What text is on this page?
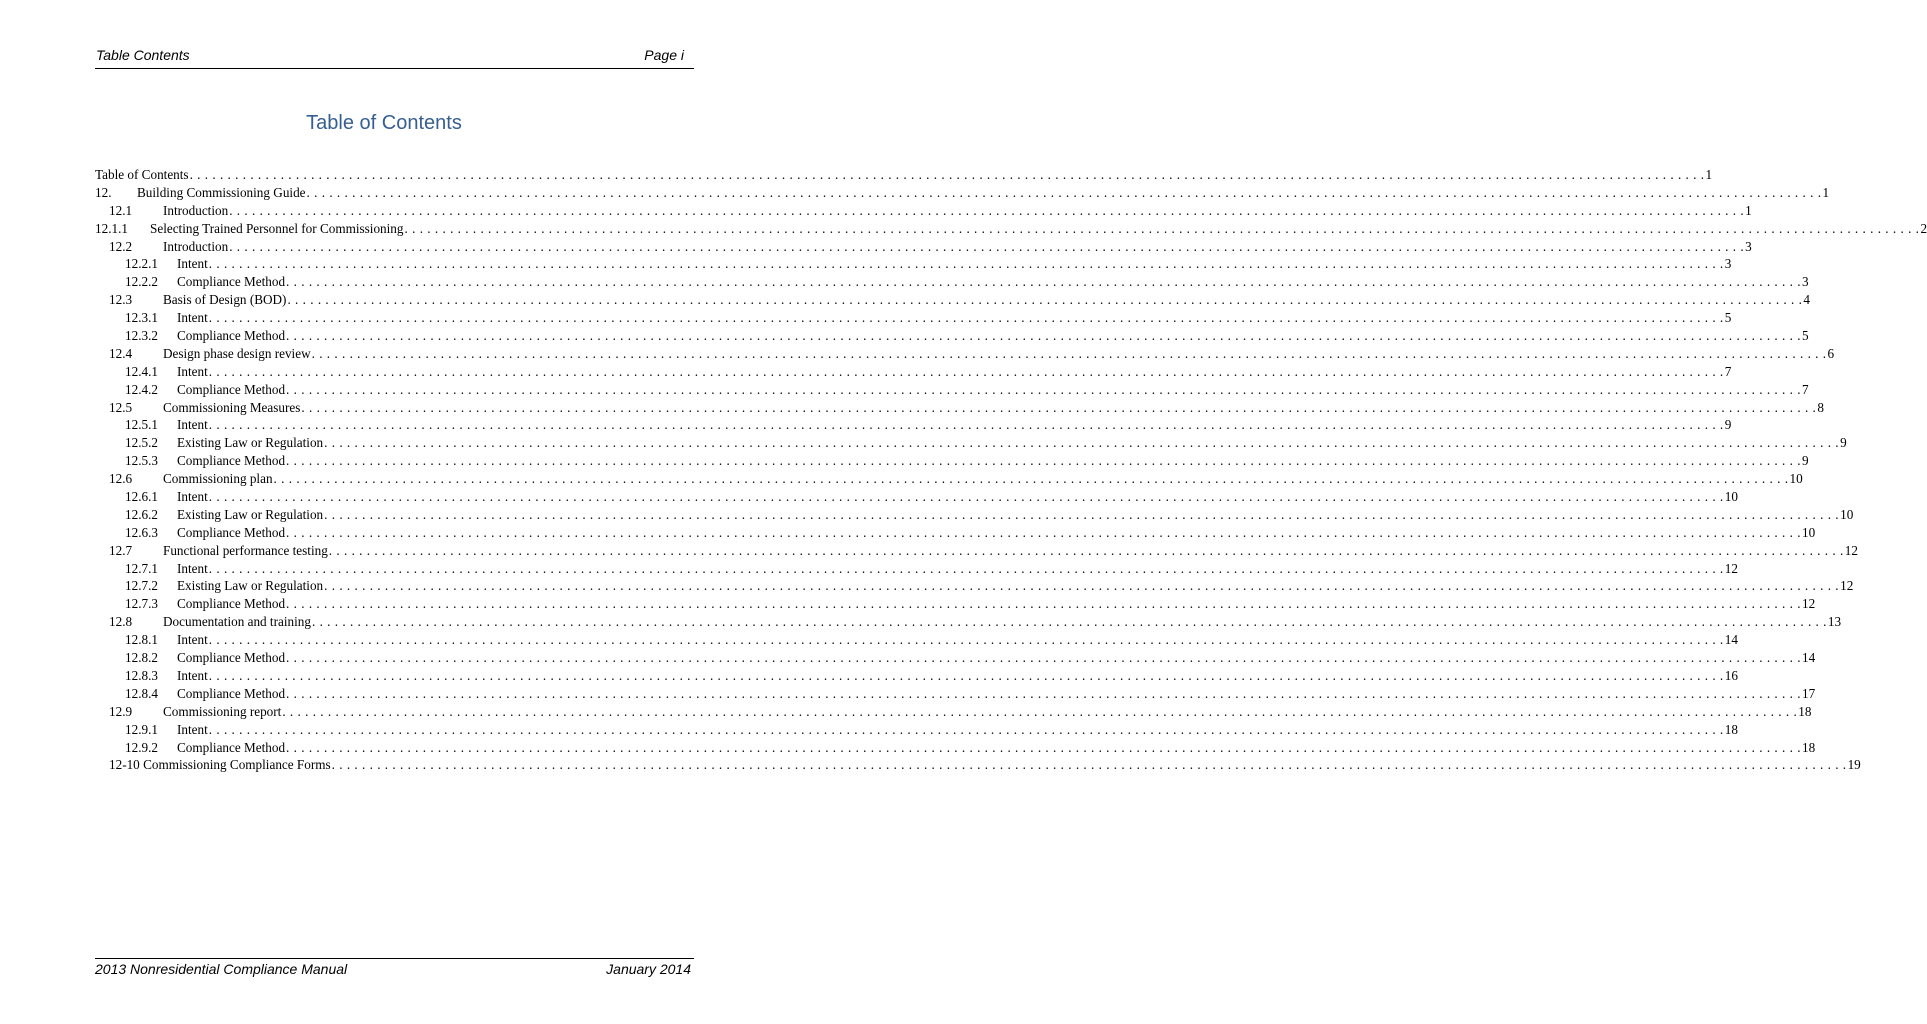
Table Contents	Page i
Table of Contents
Table of Contents . . . . . . . . . . . . . . . . . . . . . . . . . . . . . . . . . . . . . . . . . . . . . . . . . . . . . . . . . . . . . . . . . . . . . . . . . . . . . . . . . . . . . . . . . . . . . . . . . . . . . . . . . . . . . . . . . . . . . . . . . . . . . . . . . . . . . . . . . . . . . . . . . . . . . . . . . . . . . . . . . . . . . . . . . . . . . . . . . . . . . . . . . . . . . . . . . . . . . . . . 1
12.	Building Commissioning Guide . . . . . . . . . . . . . . . . . . . . . . . . . . . . . . . . . . . . . . . . . . . . . . . . . . . . . . . . . . . . . . . . . . . . . . . . . . . . . . . . . . . . . . . . . . . . . . . . . . . . . . . . . . . . . . . . . . . . . . . . . . . . . . . . . . . . . . . . . . . . . . . . . . . . . . . . . . . . . . . . . . . . . . . . . . . . . . . . . . . . . . . . . . . . . . . . . . . . . . . . 1
12.1	Introduction . . . . . . . . . . . . . . . . . . . . . . . . . . . . . . . . . . . . . . . . . . . . . . . . . . . . . . . . . . . . . . . . . . . . . . . . . . . . . . . . . . . . . . . . . . . . . . . . . . . . . . . . . . . . . . . . . . . . . . . . . . . . . . . . . . . . . . . . . . . . . . . . . . . . . . . . . . . . . . . . . . . . . . . . . . . . . . . . . . . . . . . . . . . . . . . . . . . . . . . . 1
12.1.1	Selecting Trained Personnel for Commissioning . . . . . . . . . . . . . . . . . . . . . . . . . . . . . . . . . . . . . . . . . . . . . . . . . . . . . . . . . . . . . . . . . . . . . . . . . . . . . . . . . . . . . . . . . . . . . . . . . . . . . . . . . . . . . . . . . . . . . . . . . . . . . . . . . . . . . . . . . . . . . . . . . . . . . . . . . . . . . . . . . . . . . . . . . . . . . . . . . . . . . . . . . . . . . . . . . . . . . . . . 2
12.2	Introduction . . . . . . . . . . . . . . . . . . . . . . . . . . . . . . . . . . . . . . . . . . . . . . . . . . . . . . . . . . . . . . . . . . . . . . . . . . . . . . . . . . . . . . . . . . . . . . . . . . . . . . . . . . . . . . . . . . . . . . . . . . . . . . . . . . . . . . . . . . . . . . . . . . . . . . . . . . . . . . . . . . . . . . . . . . . . . . . . . . . . . . . . . . . . . . . . . . . . . . . . 3
12.2.1	Intent . . . . . . . . . . . . . . . . . . . . . . . . . . . . . . . . . . . . . . . . . . . . . . . . . . . . . . . . . . . . . . . . . . . . . . . . . . . . . . . . . . . . . . . . . . . . . . . . . . . . . . . . . . . . . . . . . . . . . . . . . . . . . . . . . . . . . . . . . . . . . . . . . . . . . . . . . . . . . . . . . . . . . . . . . . . . . . . . . . . . . . . . . . . . . . . . . . . . . . . . 3
12.2.2	Compliance Method . . . . . . . . . . . . . . . . . . . . . . . . . . . . . . . . . . . . . . . . . . . . . . . . . . . . . . . . . . . . . . . . . . . . . . . . . . . . . . . . . . . . . . . . . . . . . . . . . . . . . . . . . . . . . . . . . . . . . . . . . . . . . . . . . . . . . . . . . . . . . . . . . . . . . . . . . . . . . . . . . . . . . . . . . . . . . . . . . . . . . . . . . . . . . . . . . . . . . . . . 3
12.3	Basis of Design (BOD) . . . . . . . . . . . . . . . . . . . . . . . . . . . . . . . . . . . . . . . . . . . . . . . . . . . . . . . . . . . . . . . . . . . . . . . . . . . . . . . . . . . . . . . . . . . . . . . . . . . . . . . . . . . . . . . . . . . . . . . . . . . . . . . . . . . . . . . . . . . . . . . . . . . . . . . . . . . . . . . . . . . . . . . . . . . . . . . . . . . . . . . . . . . . . . . . . . . . . . . . 4
12.3.1	Intent . . . . . . . . . . . . . . . . . . . . . . . . . . . . . . . . . . . . . . . . . . . . . . . . . . . . . . . . . . . . . . . . . . . . . . . . . . . . . . . . . . . . . . . . . . . . . . . . . . . . . . . . . . . . . . . . . . . . . . . . . . . . . . . . . . . . . . . . . . . . . . . . . . . . . . . . . . . . . . . . . . . . . . . . . . . . . . . . . . . . . . . . . . . . . . . . . . . . . . . . 5
12.3.2	Compliance Method . . . . . . . . . . . . . . . . . . . . . . . . . . . . . . . . . . . . . . . . . . . . . . . . . . . . . . . . . . . . . . . . . . . . . . . . . . . . . . . . . . . . . . . . . . . . . . . . . . . . . . . . . . . . . . . . . . . . . . . . . . . . . . . . . . . . . . . . . . . . . . . . . . . . . . . . . . . . . . . . . . . . . . . . . . . . . . . . . . . . . . . . . . . . . . . . . . . . . . . . 5
12.4	Design phase design review . . . . . . . . . . . . . . . . . . . . . . . . . . . . . . . . . . . . . . . . . . . . . . . . . . . . . . . . . . . . . . . . . . . . . . . . . . . . . . . . . . . . . . . . . . . . . . . . . . . . . . . . . . . . . . . . . . . . . . . . . . . . . . . . . . . . . . . . . . . . . . . . . . . . . . . . . . . . . . . . . . . . . . . . . . . . . . . . . . . . . . . . . . . . . . . . . . . . . . . . 6
12.4.1	Intent . . . . . . . . . . . . . . . . . . . . . . . . . . . . . . . . . . . . . . . . . . . . . . . . . . . . . . . . . . . . . . . . . . . . . . . . . . . . . . . . . . . . . . . . . . . . . . . . . . . . . . . . . . . . . . . . . . . . . . . . . . . . . . . . . . . . . . . . . . . . . . . . . . . . . . . . . . . . . . . . . . . . . . . . . . . . . . . . . . . . . . . . . . . . . . . . . . . . . . . . 7
12.4.2	Compliance Method . . . . . . . . . . . . . . . . . . . . . . . . . . . . . . . . . . . . . . . . . . . . . . . . . . . . . . . . . . . . . . . . . . . . . . . . . . . . . . . . . . . . . . . . . . . . . . . . . . . . . . . . . . . . . . . . . . . . . . . . . . . . . . . . . . . . . . . . . . . . . . . . . . . . . . . . . . . . . . . . . . . . . . . . . . . . . . . . . . . . . . . . . . . . . . . . . . . . . . . . 7
12.5	Commissioning Measures . . . . . . . . . . . . . . . . . . . . . . . . . . . . . . . . . . . . . . . . . . . . . . . . . . . . . . . . . . . . . . . . . . . . . . . . . . . . . . . . . . . . . . . . . . . . . . . . . . . . . . . . . . . . . . . . . . . . . . . . . . . . . . . . . . . . . . . . . . . . . . . . . . . . . . . . . . . . . . . . . . . . . . . . . . . . . . . . . . . . . . . . . . . . . . . . . . . . . . . . 8
12.5.1	Intent . . . . . . . . . . . . . . . . . . . . . . . . . . . . . . . . . . . . . . . . . . . . . . . . . . . . . . . . . . . . . . . . . . . . . . . . . . . . . . . . . . . . . . . . . . . . . . . . . . . . . . . . . . . . . . . . . . . . . . . . . . . . . . . . . . . . . . . . . . . . . . . . . . . . . . . . . . . . . . . . . . . . . . . . . . . . . . . . . . . . . . . . . . . . . . . . . . . . . . . . 9
12.5.2	Existing Law or Regulation . . . . . . . . . . . . . . . . . . . . . . . . . . . . . . . . . . . . . . . . . . . . . . . . . . . . . . . . . . . . . . . . . . . . . . . . . . . . . . . . . . . . . . . . . . . . . . . . . . . . . . . . . . . . . . . . . . . . . . . . . . . . . . . . . . . . . . . . . . . . . . . . . . . . . . . . . . . . . . . . . . . . . . . . . . . . . . . . . . . . . . . . . . . . . . . . . . . . . . . . 9
12.5.3	Compliance Method . . . . . . . . . . . . . . . . . . . . . . . . . . . . . . . . . . . . . . . . . . . . . . . . . . . . . . . . . . . . . . . . . . . . . . . . . . . . . . . . . . . . . . . . . . . . . . . . . . . . . . . . . . . . . . . . . . . . . . . . . . . . . . . . . . . . . . . . . . . . . . . . . . . . . . . . . . . . . . . . . . . . . . . . . . . . . . . . . . . . . . . . . . . . . . . . . . . . . . . . 9
12.6	Commissioning plan . . . . . . . . . . . . . . . . . . . . . . . . . . . . . . . . . . . . . . . . . . . . . . . . . . . . . . . . . . . . . . . . . . . . . . . . . . . . . . . . . . . . . . . . . . . . . . . . . . . . . . . . . . . . . . . . . . . . . . . . . . . . . . . . . . . . . . . . . . . . . . . . . . . . . . . . . . . . . . . . . . . . . . . . . . . . . . . . . . . . . . . . . . . . . . . . . . . . . . . . 10
12.6.1	Intent . . . . . . . . . . . . . . . . . . . . . . . . . . . . . . . . . . . . . . . . . . . . . . . . . . . . . . . . . . . . . . . . . . . . . . . . . . . . . . . . . . . . . . . . . . . . . . . . . . . . . . . . . . . . . . . . . . . . . . . . . . . . . . . . . . . . . . . . . . . . . . . . . . . . . . . . . . . . . . . . . . . . . . . . . . . . . . . . . . . . . . . . . . . . . . . . . . . . . . . . 10
12.6.2	Existing Law or Regulation . . . . . . . . . . . . . . . . . . . . . . . . . . . . . . . . . . . . . . . . . . . . . . . . . . . . . . . . . . . . . . . . . . . . . . . . . . . . . . . . . . . . . . . . . . . . . . . . . . . . . . . . . . . . . . . . . . . . . . . . . . . . . . . . . . . . . . . . . . . . . . . . . . . . . . . . . . . . . . . . . . . . . . . . . . . . . . . . . . . . . . . . . . . . . . . . . . . . . . . . 10
12.6.3	Compliance Method . . . . . . . . . . . . . . . . . . . . . . . . . . . . . . . . . . . . . . . . . . . . . . . . . . . . . . . . . . . . . . . . . . . . . . . . . . . . . . . . . . . . . . . . . . . . . . . . . . . . . . . . . . . . . . . . . . . . . . . . . . . . . . . . . . . . . . . . . . . . . . . . . . . . . . . . . . . . . . . . . . . . . . . . . . . . . . . . . . . . . . . . . . . . . . . . . . . . . . . . 10
12.7	Functional performance testing . . . . . . . . . . . . . . . . . . . . . . . . . . . . . . . . . . . . . . . . . . . . . . . . . . . . . . . . . . . . . . . . . . . . . . . . . . . . . . . . . . . . . . . . . . . . . . . . . . . . . . . . . . . . . . . . . . . . . . . . . . . . . . . . . . . . . . . . . . . . . . . . . . . . . . . . . . . . . . . . . . . . . . . . . . . . . . . . . . . . . . . . . . . . . . . . . . . . . . . . 12
12.7.1	Intent . . . . . . . . . . . . . . . . . . . . . . . . . . . . . . . . . . . . . . . . . . . . . . . . . . . . . . . . . . . . . . . . . . . . . . . . . . . . . . . . . . . . . . . . . . . . . . . . . . . . . . . . . . . . . . . . . . . . . . . . . . . . . . . . . . . . . . . . . . . . . . . . . . . . . . . . . . . . . . . . . . . . . . . . . . . . . . . . . . . . . . . . . . . . . . . . . . . . . . . . 12
12.7.2	Existing Law or Regulation . . . . . . . . . . . . . . . . . . . . . . . . . . . . . . . . . . . . . . . . . . . . . . . . . . . . . . . . . . . . . . . . . . . . . . . . . . . . . . . . . . . . . . . . . . . . . . . . . . . . . . . . . . . . . . . . . . . . . . . . . . . . . . . . . . . . . . . . . . . . . . . . . . . . . . . . . . . . . . . . . . . . . . . . . . . . . . . . . . . . . . . . . . . . . . . . . . . . . . . . 12
12.7.3	Compliance Method . . . . . . . . . . . . . . . . . . . . . . . . . . . . . . . . . . . . . . . . . . . . . . . . . . . . . . . . . . . . . . . . . . . . . . . . . . . . . . . . . . . . . . . . . . . . . . . . . . . . . . . . . . . . . . . . . . . . . . . . . . . . . . . . . . . . . . . . . . . . . . . . . . . . . . . . . . . . . . . . . . . . . . . . . . . . . . . . . . . . . . . . . . . . . . . . . . . . . . . . 12
12.8	Documentation and training . . . . . . . . . . . . . . . . . . . . . . . . . . . . . . . . . . . . . . . . . . . . . . . . . . . . . . . . . . . . . . . . . . . . . . . . . . . . . . . . . . . . . . . . . . . . . . . . . . . . . . . . . . . . . . . . . . . . . . . . . . . . . . . . . . . . . . . . . . . . . . . . . . . . . . . . . . . . . . . . . . . . . . . . . . . . . . . . . . . . . . . . . . . . . . . . . . . . . . . . 13
12.8.1	Intent . . . . . . . . . . . . . . . . . . . . . . . . . . . . . . . . . . . . . . . . . . . . . . . . . . . . . . . . . . . . . . . . . . . . . . . . . . . . . . . . . . . . . . . . . . . . . . . . . . . . . . . . . . . . . . . . . . . . . . . . . . . . . . . . . . . . . . . . . . . . . . . . . . . . . . . . . . . . . . . . . . . . . . . . . . . . . . . . . . . . . . . . . . . . . . . . . . . . . . . . 14
12.8.2	Compliance Method . . . . . . . . . . . . . . . . . . . . . . . . . . . . . . . . . . . . . . . . . . . . . . . . . . . . . . . . . . . . . . . . . . . . . . . . . . . . . . . . . . . . . . . . . . . . . . . . . . . . . . . . . . . . . . . . . . . . . . . . . . . . . . . . . . . . . . . . . . . . . . . . . . . . . . . . . . . . . . . . . . . . . . . . . . . . . . . . . . . . . . . . . . . . . . . . . . . . . . . . 14
12.8.3	Intent . . . . . . . . . . . . . . . . . . . . . . . . . . . . . . . . . . . . . . . . . . . . . . . . . . . . . . . . . . . . . . . . . . . . . . . . . . . . . . . . . . . . . . . . . . . . . . . . . . . . . . . . . . . . . . . . . . . . . . . . . . . . . . . . . . . . . . . . . . . . . . . . . . . . . . . . . . . . . . . . . . . . . . . . . . . . . . . . . . . . . . . . . . . . . . . . . . . . . . . . 16
12.8.4	Compliance Method . . . . . . . . . . . . . . . . . . . . . . . . . . . . . . . . . . . . . . . . . . . . . . . . . . . . . . . . . . . . . . . . . . . . . . . . . . . . . . . . . . . . . . . . . . . . . . . . . . . . . . . . . . . . . . . . . . . . . . . . . . . . . . . . . . . . . . . . . . . . . . . . . . . . . . . . . . . . . . . . . . . . . . . . . . . . . . . . . . . . . . . . . . . . . . . . . . . . . . . . 17
12.9	Commissioning report . . . . . . . . . . . . . . . . . . . . . . . . . . . . . . . . . . . . . . . . . . . . . . . . . . . . . . . . . . . . . . . . . . . . . . . . . . . . . . . . . . . . . . . . . . . . . . . . . . . . . . . . . . . . . . . . . . . . . . . . . . . . . . . . . . . . . . . . . . . . . . . . . . . . . . . . . . . . . . . . . . . . . . . . . . . . . . . . . . . . . . . . . . . . . . . . . . . . . . . . 18
12.9.1	Intent . . . . . . . . . . . . . . . . . . . . . . . . . . . . . . . . . . . . . . . . . . . . . . . . . . . . . . . . . . . . . . . . . . . . . . . . . . . . . . . . . . . . . . . . . . . . . . . . . . . . . . . . . . . . . . . . . . . . . . . . . . . . . . . . . . . . . . . . . . . . . . . . . . . . . . . . . . . . . . . . . . . . . . . . . . . . . . . . . . . . . . . . . . . . . . . . . . . . . . . . 18
12.9.2	Compliance Method . . . . . . . . . . . . . . . . . . . . . . . . . . . . . . . . . . . . . . . . . . . . . . . . . . . . . . . . . . . . . . . . . . . . . . . . . . . . . . . . . . . . . . . . . . . . . . . . . . . . . . . . . . . . . . . . . . . . . . . . . . . . . . . . . . . . . . . . . . . . . . . . . . . . . . . . . . . . . . . . . . . . . . . . . . . . . . . . . . . . . . . . . . . . . . . . . . . . . . . . 18
12-10 Commissioning Compliance Forms . . . . . . . . . . . . . . . . . . . . . . . . . . . . . . . . . . . . . . . . . . . . . . . . . . . . . . . . . . . . . . . . . . . . . . . . . . . . . . . . . . . . . . . . . . . . . . . . . . . . . . . . . . . . . . . . . . . . . . . . . . . . . . . . . . . . . . . . . . . . . . . . . . . . . . . . . . . . . . . . . . . . . . . . . . . . . . . . . . . . . . . . . . . . . . . . . . . . . . . . 19
2013 Nonresidential Compliance Manual	January 2014
